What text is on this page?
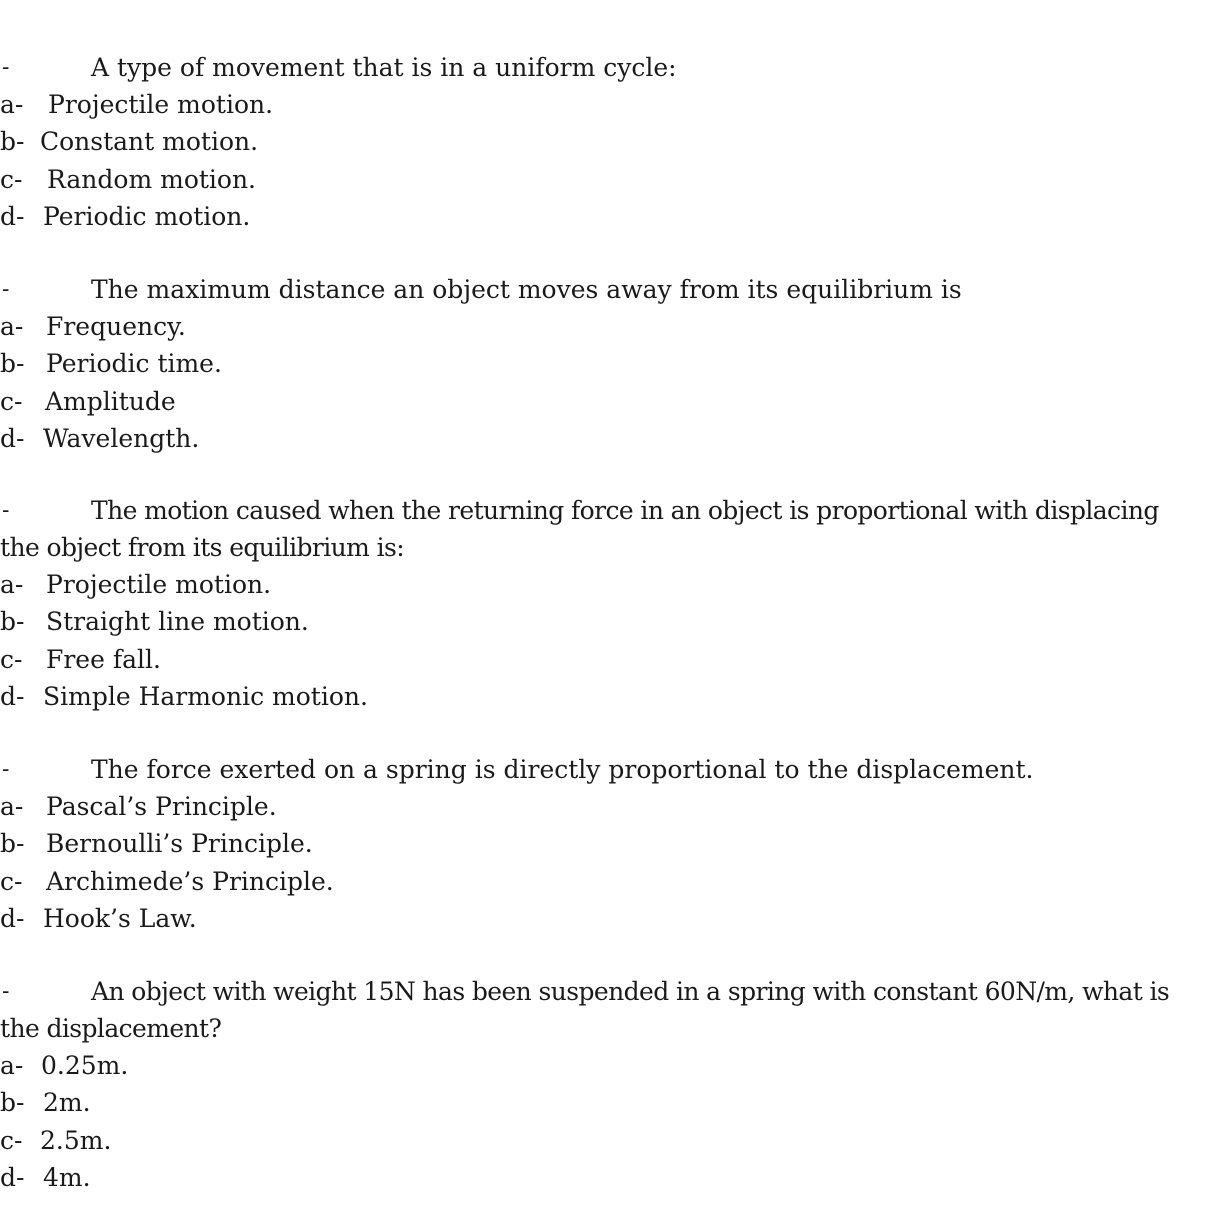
-	A type of movement that is in a uniform cycle:
a- Projectile motion.
b- Constant motion.
c- Random motion.
d- Periodic motion.
-	The maximum distance an object moves away from its equilibrium is
a- Frequency.
b- Periodic time.
c- Amplitude
d- Wavelength.
-	The motion caused when the returning force in an object is proportional with displacing the object from its equilibrium is:
a- Projectile motion.
b- Straight line motion.
c- Free fall.
d- Simple Harmonic motion.
-	The force exerted on a spring is directly proportional to the displacement.
a- Pascal’s Principle.
b- Bernoulli’s Principle.
c- Archimede’s Principle.
d- Hook’s Law.
-	An object with weight 15N has been suspended in a spring with constant 60N/m, what is the displacement?
a- 0.25m.
b- 2m.
c- 2.5m.
d- 4m.
